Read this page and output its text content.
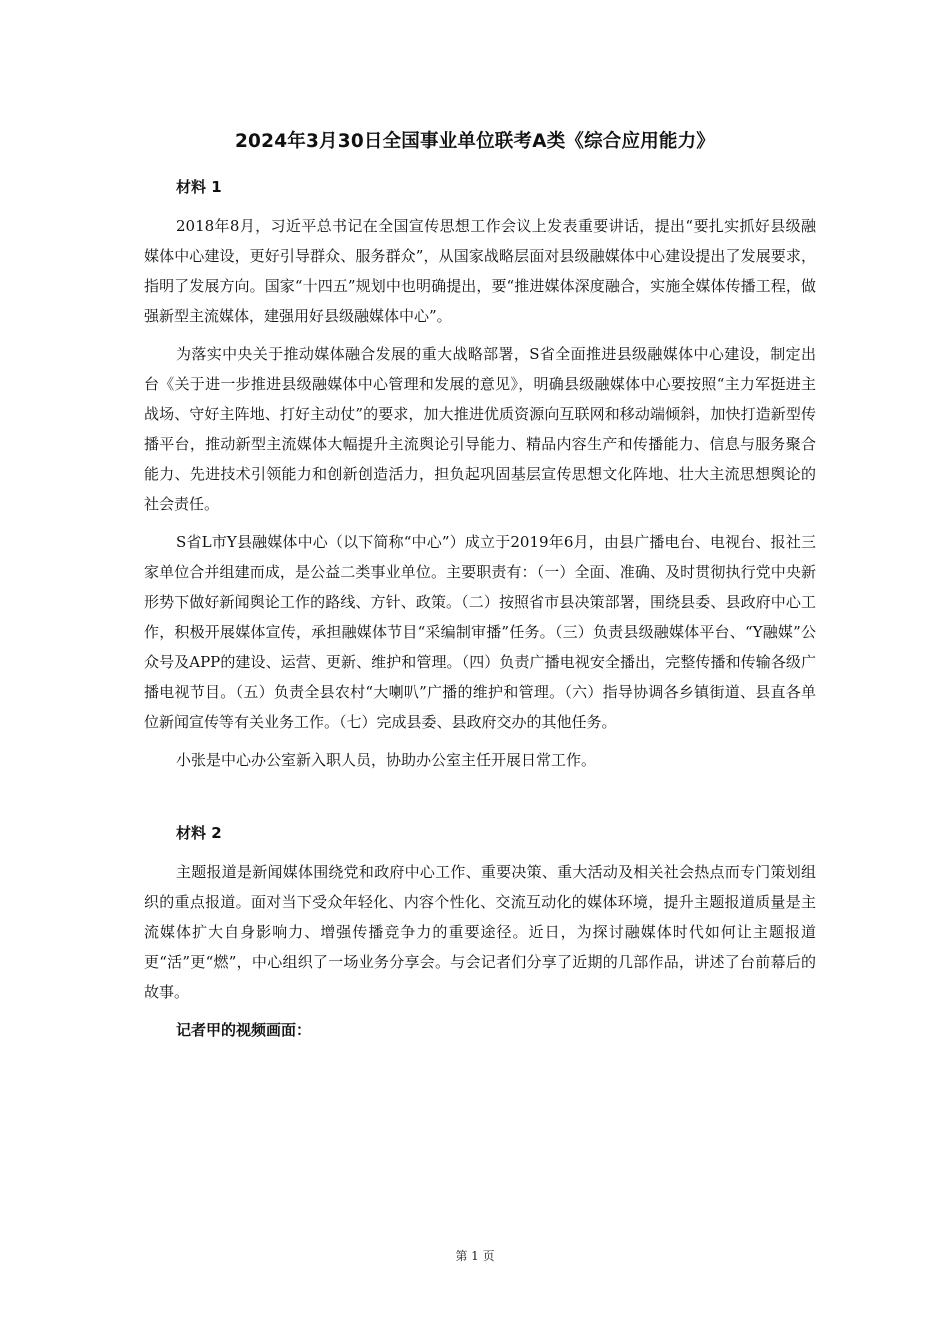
2024年3月30日全国事业单位联考A类《综合应用能力》
材料 1

2018年8月，习近平总书记在全国宣传思想工作会议上发表重要讲话，提出“要扎实抓好县级融媒体中心建设，更好引导群众、服务群众”，从国家战略层面对县级融媒体中心建设提出了发展要求，指明了发展方向。国家“十四五”规划中也明确提出，要“推进媒体深度融合，实施全媒体传播工程，做强新型主流媒体，建强用好县级融媒体中心”。

为落实中央关于推动媒体融合发展的重大战略部署，S省全面推进县级融媒体中心建设，制定出台《关于进一步推进县级融媒体中心管理和发展的意见》，明确县级融媒体中心要按照“主力军挺进主战场、守好主阵地、打好主动仗”的要求，加大推进优质资源向互联网和移动端倾斜，加快打造新型传播平台，推动新型主流媒体大幅提升主流舆论引导能力、精品内容生产和传播能力、信息与服务聚合能力、先进技术引领能力和创新创造活力，担负起巩固基层宣传思想文化阵地、壮大主流思想舆论的社会责任。

S省L市Y县融媒体中心（以下简称“中心”）成立于2019年6月，由县广播电台、电视台、报社三家单位合并组建而成，是公益二类事业单位。主要职责有：（一）全面、准确、及时贯彻执行党中央新形势下做好新闻舆论工作的路线、方针、政策。（二）按照省市县决策部署，围绕县委、县政府中心工作，积极开展媒体宣传，承担融媒体节目“采编制审播”任务。（三）负责县级融媒体平台、“Y融媒”公众号及APP的建设、运营、更新、维护和管理。（四）负责广播电视安全播出，完整传播和传输各级广播电视节目。（五）负责全县农村“大喇叭”广播的维护和管理。（六）指导协调各乡镇街道、县直各单位新闻宣传等有关业务工作。（七）完成县委、县政府交办的其他任务。

小张是中心办公室新入职人员，协助办公室主任开展日常工作。

材料 2

主题报道是新闻媒体围绕党和政府中心工作、重要决策、重大活动及相关社会热点而专门策划组织的重点报道。面对当下受众年轻化、内容个性化、交流互动化的媒体环境，提升主题报道质量是主流媒体扩大自身影响力、增强传播竞争力的重要途径。近日，为探讨融媒体时代如何让主题报道更“活”更“燃”，中心组织了一场业务分享会。与会记者们分享了近期的几部作品，讲述了台前幕后的故事。

记者甲的视频画面：
第 1 页
